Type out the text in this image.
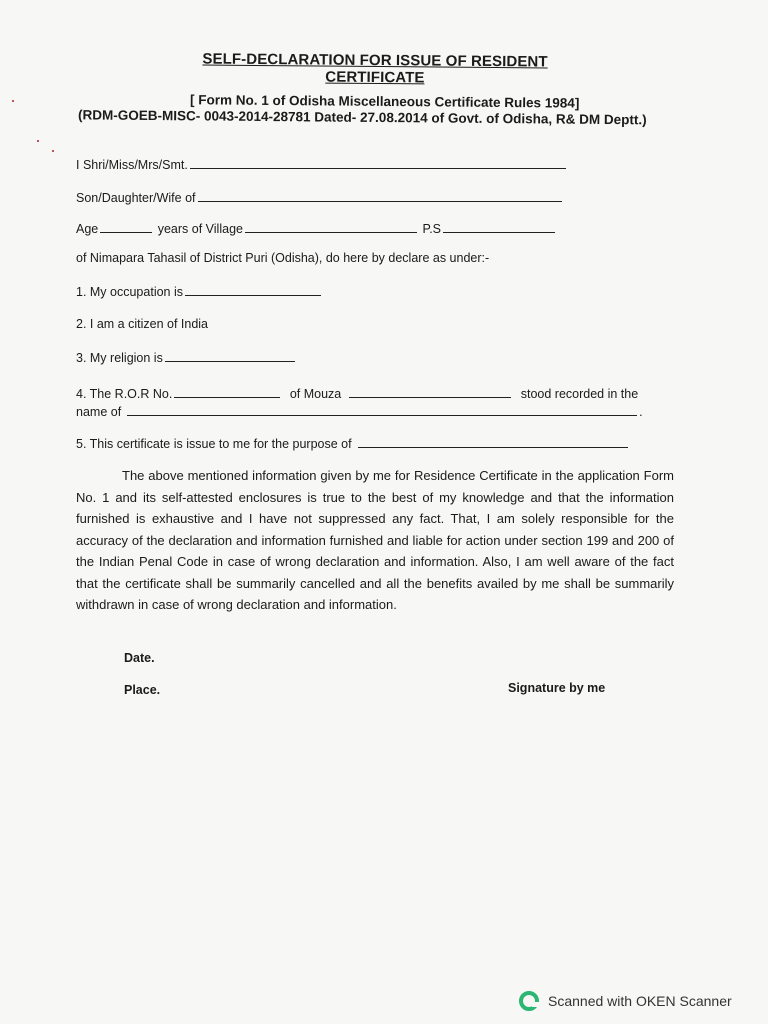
SELF-DECLARATION FOR ISSUE OF RESIDENT CERTIFICATE
[ Form No. 1 of Odisha Miscellaneous Certificate Rules 1984]
(RDM-GOEB-MISC- 0043-2014-28781 Dated- 27.08.2014 of Govt. of Odisha, R& DM Deptt.)
I Shri/Miss/Mrs/Smt.
Son/Daughter/Wife of
Age	years of Village	P.S
of Nimapara Tahasil of District Puri (Odisha), do here by declare as under:-
1. My occupation is
2. I am a citizen of India
3. My religion is
4. The R.O.R No.	of Mouza	stood recorded in the
name of	.
5. This certificate is issue to me for the purpose of
The above mentioned information given by me for Residence Certificate in the application Form No. 1 and its self-attested enclosures is true to the best of my knowledge and that the information furnished is exhaustive and I have not suppressed any fact. That, I am solely responsible for the accuracy of the declaration and information furnished and liable for action under section 199 and 200 of the Indian Penal Code in case of wrong declaration and information. Also, I am well aware of the fact that the certificate shall be summarily cancelled and all the benefits availed by me shall be summarily withdrawn in case of wrong declaration and information.
Date.
Place.	Signature by me
Scanned with OKEN Scanner
